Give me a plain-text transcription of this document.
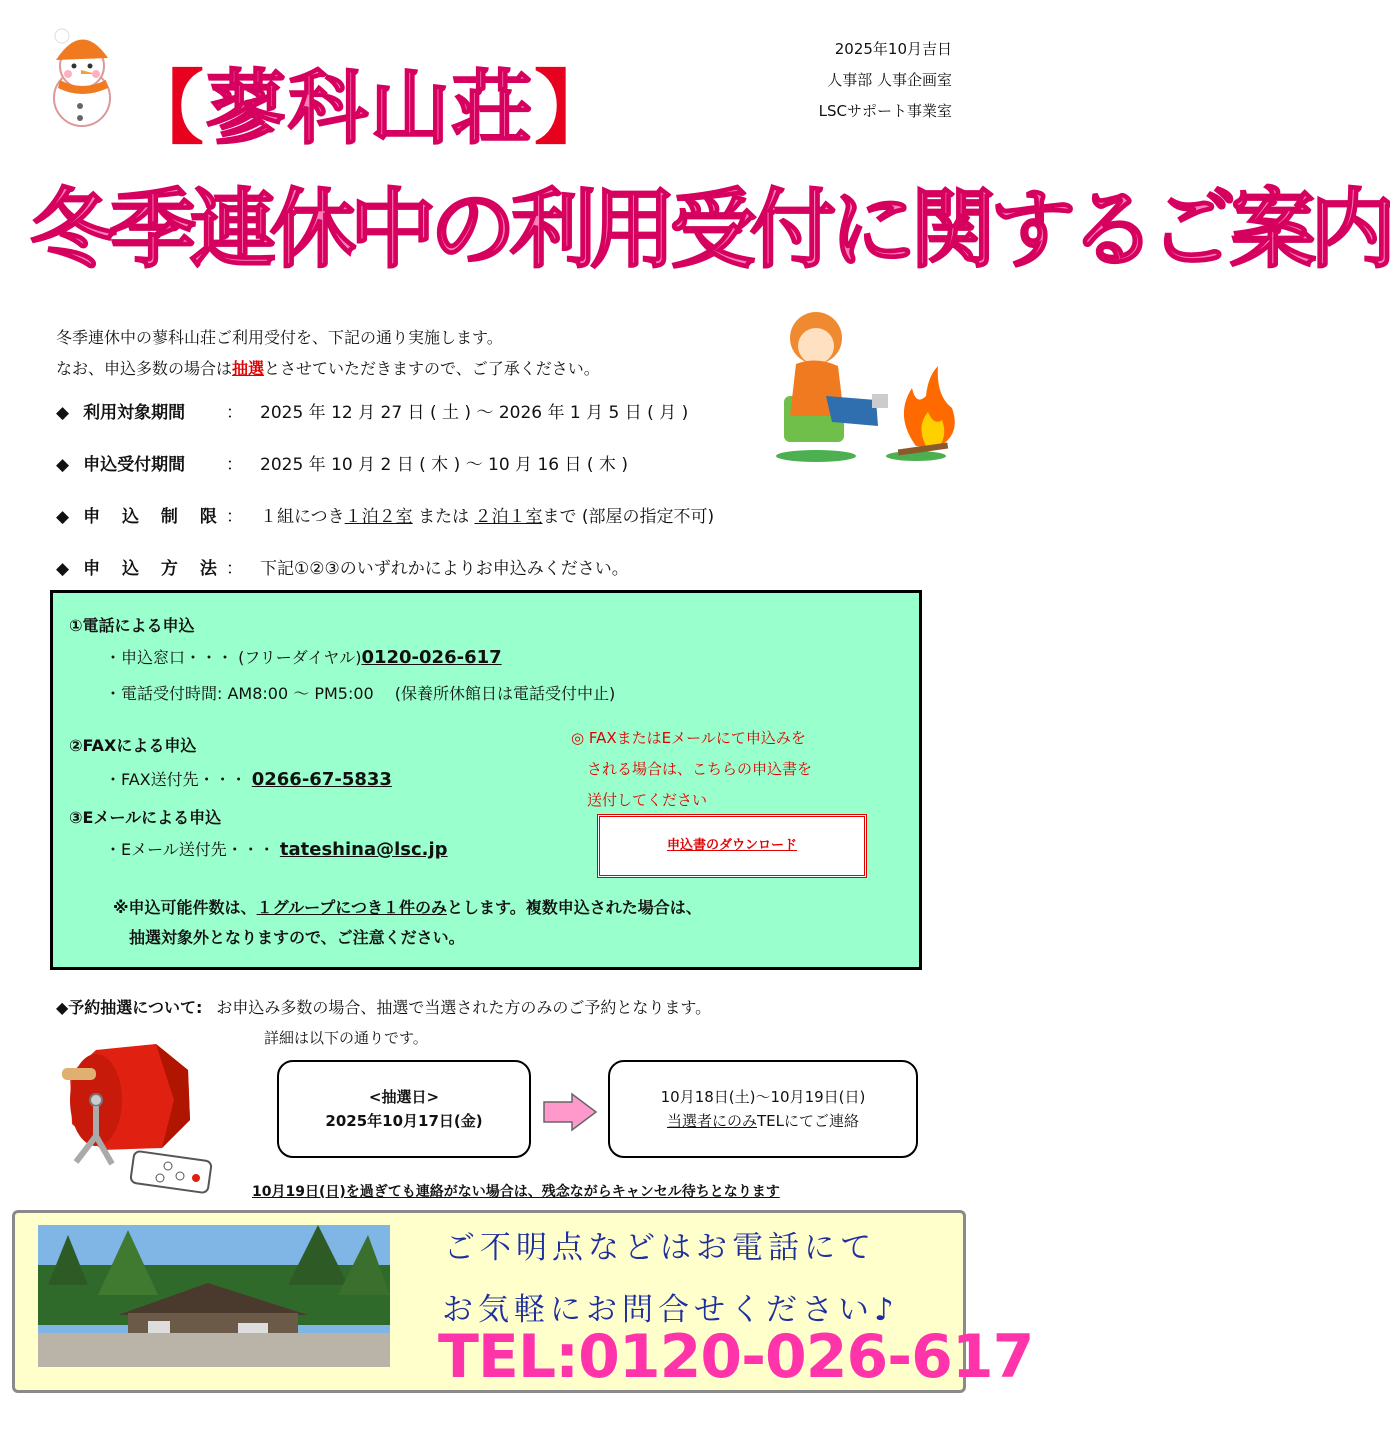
2025年10月吉日
人事部 人事企画室
LSCサポート事業室
【蓼科山荘】
冬季連休中の利用受付に関するご案内
冬季連休中の蓼科山荘ご利用受付を、下記の通り実施します。
なお、申込多数の場合は抽選とさせていただきますので、ご了承ください。
◆ 利用対象期間 ： 2025 年 12 月 27 日 ( 土 ) ～ 2026 年 1 月 5 日 ( 月 )
◆ 申込受付期間 ： 2025 年 10 月 2 日 ( 木 ) ～ 10 月 16 日 ( 木 )
◆ 申 込 制 限： １組につき１泊２室 または ２泊１室まで (部屋の指定不可)
◆ 申 込 方 法： 下記①②③のいずれかによりお申込みください。
①電話による申込
・申込窓口・・・ (フリーダイヤル)0120-026-617
・電話受付時間: AM8:00 ～ PM5:00　 (保養所休館日は電話受付中止)
②FAXによる申込
・FAX送付先・・・ 0266-67-5833
③Eメールによる申込
・Eメール送付先・・・ tateshina@lsc.jp
◎ FAXまたはEメールにて申込みを
される場合は、こちらの申込書を
送付してください
申込書のダウンロード
※申込可能件数は、１グループにつき１件のみとします。複数申込された場合は、
抽選対象外となりますので、ご注意ください。
◆予約抽選について: お申込み多数の場合、抽選で当選された方のみのご予約となります。
詳細は以下の通りです。
<抽選日>
2025年10月17日(金)
10月18日(土)～10月19日(日)
当選者にのみTELにてご連絡
10月19日(日)を過ぎても連絡がない場合は、残念ながらキャンセル待ちとなります
ご不明点などはお電話にて
お気軽にお問合せください♪
TEL:0120-026-617
